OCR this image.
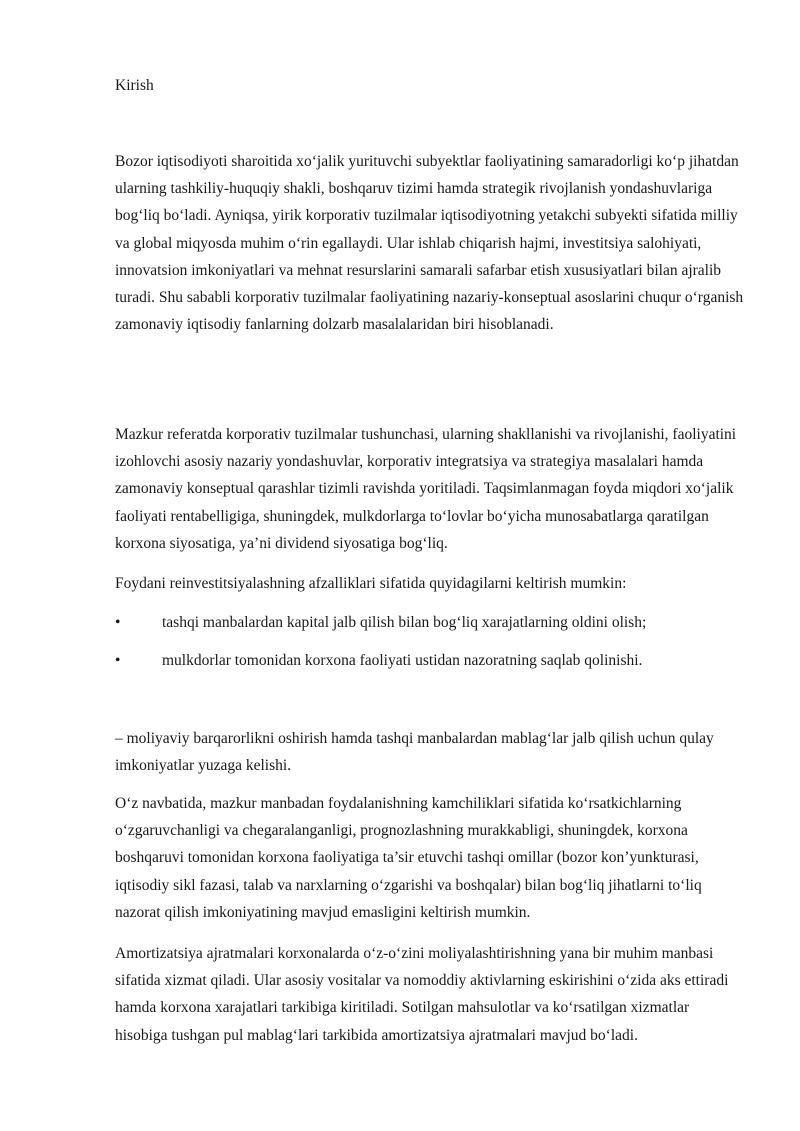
Kirish

Bozor iqtisodiyoti sharoitida xo‘jalik yurituvchi subyektlar faoliyatining samaradorligi ko‘p jihatdan ularning tashkiliy-huquqiy shakli, boshqaruv tizimi hamda strategik rivojlanish yondashuvlariga bog‘liq bo‘ladi. Ayniqsa, yirik korporativ tuzilmalar iqtisodiyotning yetakchi subyekti sifatida milliy va global miqyosda muhim o‘rin egallaydi. Ular ishlab chiqarish hajmi, investitsiya salohiyati, innovatsion imkoniyatlari va mehnat resurslarini samarali safarbar etish xususiyatlari bilan ajralib turadi. Shu sababli korporativ tuzilmalar faoliyatining nazariy-konseptual asoslarini chuqur o‘rganish zamonaviy iqtisodiy fanlarning dolzarb masalalaridan biri hisoblanadi.

Mazkur referatda korporativ tuzilmalar tushunchasi, ularning shakllanishi va rivojlanishi, faoliyatini izohlovchi asosiy nazariy yondashuvlar, korporativ integratsiya va strategiya masalalari hamda zamonaviy konseptual qarashlar tizimli ravishda yoritiladi. Taqsimlanmagan foyda miqdori xo‘jalik faoliyati rentabelligiga, shuningdek, mulkdorlarga to‘lovlar bo‘yicha munosabatlarga qaratilgan korxona siyosatiga, ya’ni dividend siyosatiga bog‘liq.

Foydani reinvestitsiyalashning afzalliklari sifatida quyidagilarni keltirish mumkin:

•	tashqi manbalardan kapital jalb qilish bilan bog‘liq xarajatlarning oldini olish;
•	mulkdorlar tomonidan korxona faoliyati ustidan nazoratning saqlab qolinishi.

– moliyaviy barqarorlikni oshirish hamda tashqi manbalardan mablag‘lar jalb qilish uchun qulay imkoniyatlar yuzaga kelishi.

O‘z navbatida, mazkur manbadan foydalanishning kamchiliklari sifatida ko‘rsatkichlarning o‘zgaruvchanligi va chegaralanganligi, prognozlashning murakkabligi, shuningdek, korxona boshqaruvi tomonidan korxona faoliyatiga ta’sir etuvchi tashqi omillar (bozor kon’yunkturasi, iqtisodiy sikl fazasi, talab va narxlarning o‘zgarishi va boshqalar) bilan bog‘liq jihatlarni to‘liq nazorat qilish imkoniyatining mavjud emasligini keltirish mumkin.

Amortizatsiya ajratmalari korxonalarda o‘z-o‘zini moliyalashtirishning yana bir muhim manbasi sifatida xizmat qiladi. Ular asosiy vositalar va nomoddiy aktivlarning eskirishini o‘zida aks ettiradi hamda korxona xarajatlari tarkibiga kiritiladi. Sotilgan mahsulotlar va ko‘rsatilgan xizmatlar hisobiga tushgan pul mablag‘lari tarkibida amortizatsiya ajratmalari mavjud bo‘ladi.
